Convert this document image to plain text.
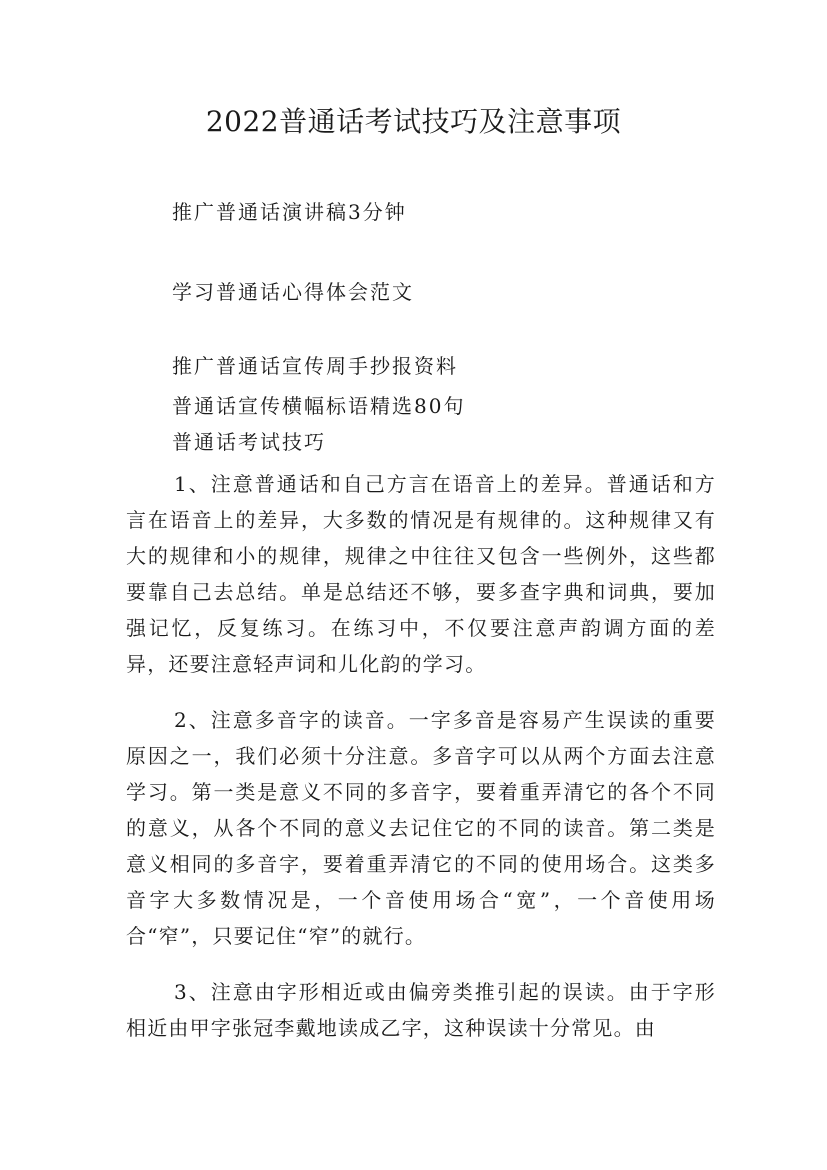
2022普通话考试技巧及注意事项
推广普通话演讲稿3分钟
学习普通话心得体会范文
推广普通话宣传周手抄报资料
普通话宣传横幅标语精选80句
普通话考试技巧

1、注意普通话和自己方言在语音上的差异。普通话和方言在语音上的差异，大多数的情况是有规律的。这种规律又有大的规律和小的规律，规律之中往往又包含一些例外，这些都要靠自己去总结。单是总结还不够，要多查字典和词典，要加强记忆，反复练习。在练习中，不仅要注意声韵调方面的差异，还要注意轻声词和儿化韵的学习。

2、注意多音字的读音。一字多音是容易产生误读的重要原因之一，我们必须十分注意。多音字可以从两个方面去注意学习。第一类是意义不同的多音字，要着重弄清它的各个不同的意义，从各个不同的意义去记住它的不同的读音。第二类是意义相同的多音字，要着重弄清它的不同的使用场合。这类多音字大多数情况是，一个音使用场合“宽”，一个音使用场合“窄”，只要记住“窄”的就行。

3、注意由字形相近或由偏旁类推引起的误读。由于字形相近由甲字张冠李戴地读成乙字，这种误读十分常见。由
